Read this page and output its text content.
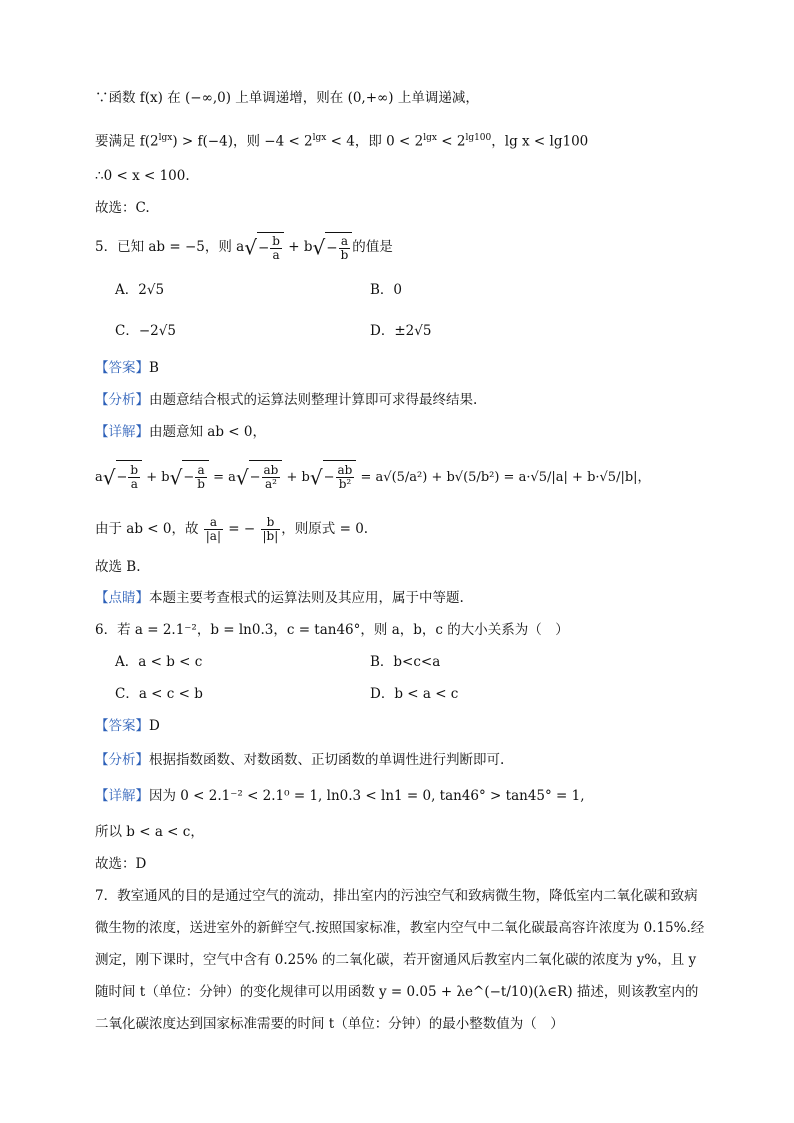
∵函数 f(x) 在 (−∞,0) 上单调递增，则在 (0,+∞) 上单调递减，
要满足 $f(2^{lgx}) > f(-4)$，则 $-4 < 2^{lgx} < 4$，即 $0 < 2^{lgx} < 2^{lg100}$，lg x < lg100
∴0 < x < 100.
故选：C.
5．已知 ab = −5，则 $a√- \frac{b}{a} + b√- \frac{a}{b}$ 的值是
A．2√5	B．0
C．−2√5	D．±2√5
【答案】B
【分析】由题意结合根式的运算法则整理计算即可求得最终结果.
【详解】由题意知 ab < 0，
$a√- \frac{b}{a} + b√- \frac{a}{b} = a√- \frac{ab}{\text{a²}} + b√- \frac{ab}{\text{b²}} = a√(5/a^2) + b√(5/b^2) = a\cdot√5/|a| + b\cdot√5/|b|$，
由于 ab < 0，故 $\frac{a}{|a|}$ = − $\frac{b}{|b|}$ ，则原式 = 0.
故选 B.
【点睛】本题主要考查根式的运算法则及其应用，属于中等题.
6．若 a = 2.1⁻²，b = ln0.3，c = tan46°，则 a，b，c 的大小关系为（　）
A．a < b < c	B．b<c<a
C．a < c < b	D．b < a < c
【答案】D
【分析】根据指数函数、对数函数、正切函数的单调性进行判断即可.
【详解】因为 0 < 2.1⁻² < 2.1⁰ = 1, ln0.3 < ln1 = 0, tan46° > tan45° = 1,
所以 b < a < c，
故选：D
7．教室通风的目的是通过空气的流动，排出室内的污浊空气和致病微生物，降低室内二氧化碳和致病微生物的浓度，送进室外的新鲜空气.按照国家标准，教室内空气中二氧化碳最高容许浓度为 0.15%.经测定，刚下课时，空气中含有 0.25% 的二氧化碳，若开窗通风后教室内二氧化碳的浓度为 y%，且 y 随时间 t（单位：分钟）的变化规律可以用函数 y = 0.05 + λe^(−t/10)(λ∈R) 描述，则该教室内的二氧化碳浓度达到国家标准需要的时间 t（单位：分钟）的最小整数值为（　）
